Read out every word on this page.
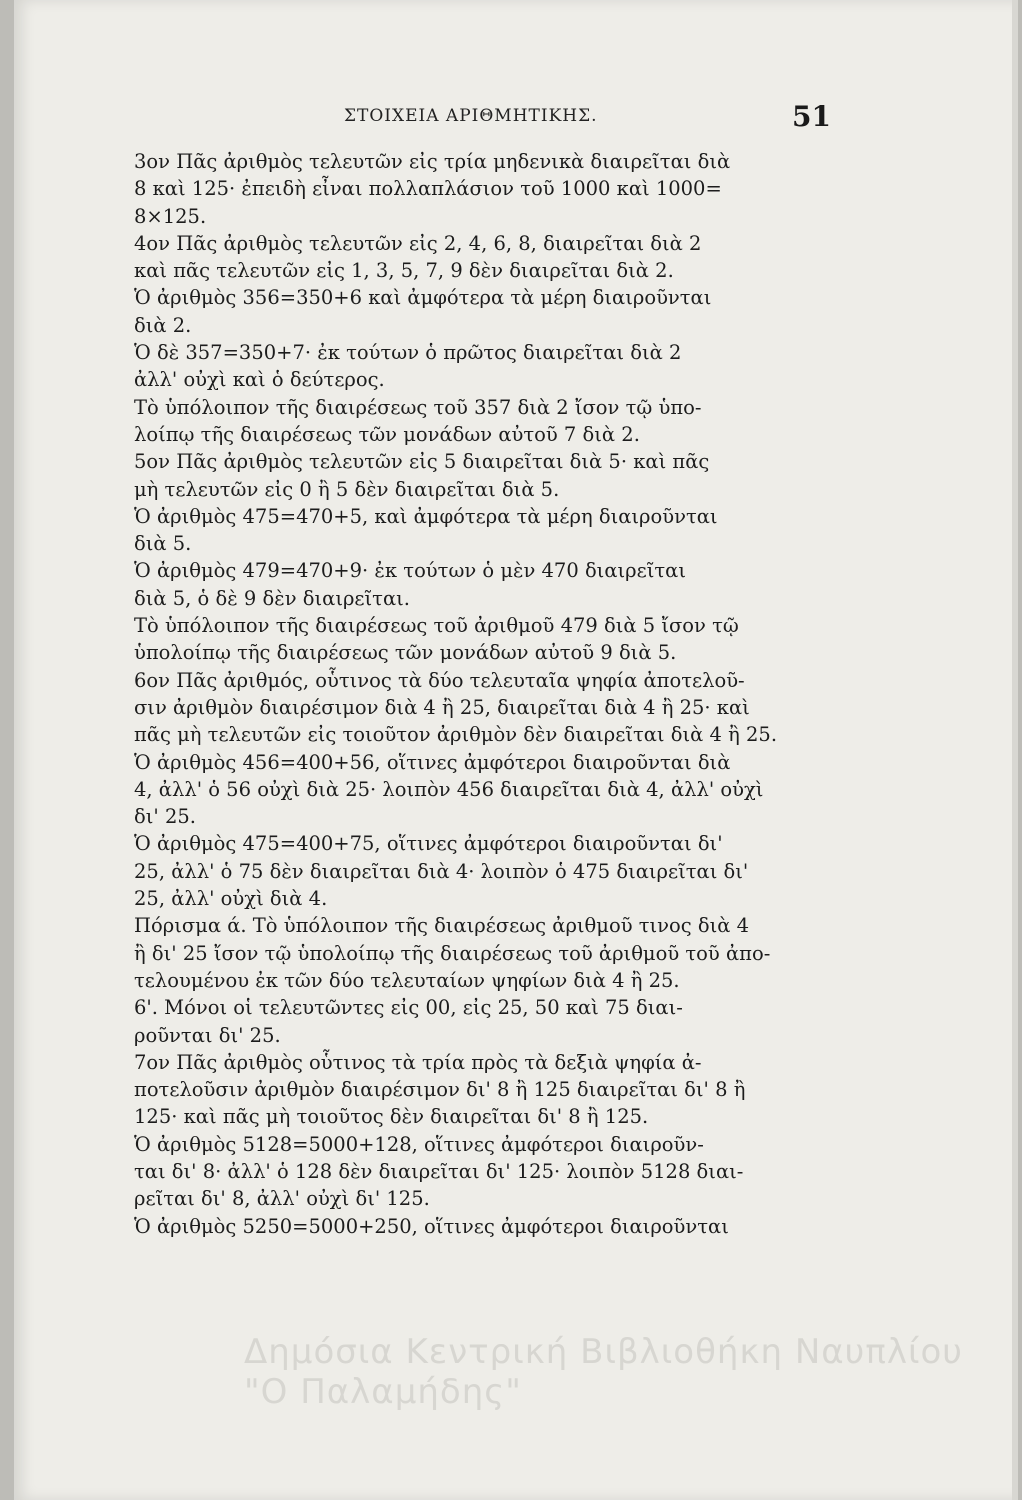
ΣΤΟΙΧΕΙΑ ΑΡΙΘΜΗΤΙΚΗΣ.	51
3ον Πᾶς ἀριθμὸς τελευτῶν εἰς τρία μηδενικὰ διαιρεῖται διὰ
8 καὶ 125· ἐπειδὴ εἶναι πολλαπλάσιον τοῦ 1000 καὶ 1000=
8×125.
4ον Πᾶς ἀριθμὸς τελευτῶν εἰς 2, 4, 6, 8, διαιρεῖται διὰ 2
καὶ πᾶς τελευτῶν εἰς 1, 3, 5, 7, 9 δὲν διαιρεῖται διὰ 2.
Ὁ ἀριθμὸς 356=350+6 καὶ ἀμφότερα τὰ μέρη διαιροῦνται
διὰ 2.
Ὁ δὲ 357=350+7· ἐκ τούτων ὁ πρῶτος διαιρεῖται διὰ 2
ἀλλ' οὐχὶ καὶ ὁ δεύτερος.
Τὸ ὑπόλοιπον τῆς διαιρέσεως τοῦ 357 διὰ 2 ἴσον τῷ ὑπο-
λοίπῳ τῆς διαιρέσεως τῶν μονάδων αὐτοῦ 7 διὰ 2.
5ον Πᾶς ἀριθμὸς τελευτῶν εἰς 5 διαιρεῖται διὰ 5· καὶ πᾶς
μὴ τελευτῶν εἰς 0 ἢ 5 δὲν διαιρεῖται διὰ 5.
Ὁ ἀριθμὸς 475=470+5, καὶ ἀμφότερα τὰ μέρη διαιροῦνται
διὰ 5.
Ὁ ἀριθμὸς 479=470+9· ἐκ τούτων ὁ μὲν 470 διαιρεῖται
διὰ 5, ὁ δὲ 9 δὲν διαιρεῖται.
Τὸ ὑπόλοιπον τῆς διαιρέσεως τοῦ ἀριθμοῦ 479 διὰ 5 ἴσον τῷ
ὑπολοίπῳ τῆς διαιρέσεως τῶν μονάδων αὐτοῦ 9 διὰ 5.
6ον Πᾶς ἀριθμός, οὗτινος τὰ δύο τελευταῖα ψηφία ἀποτελοῦ-
σιν ἀριθμὸν διαιρέσιμον διὰ 4 ἢ 25, διαιρεῖται διὰ 4 ἢ 25· καὶ
πᾶς μὴ τελευτῶν εἰς τοιοῦτον ἀριθμὸν δὲν διαιρεῖται διὰ 4 ἢ 25.
Ὁ ἀριθμὸς 456=400+56, οἵτινες ἀμφότεροι διαιροῦνται διὰ
4, ἀλλ' ὁ 56 οὐχὶ διὰ 25· λοιπὸν 456 διαιρεῖται διὰ 4, ἀλλ' οὐχὶ
δι' 25.
Ὁ ἀριθμὸς 475=400+75, οἵτινες ἀμφότεροι διαιροῦνται δι'
25, ἀλλ' ὁ 75 δὲν διαιρεῖται διὰ 4· λοιπὸν ὁ 475 διαιρεῖται δι'
25, ἀλλ' οὐχὶ διὰ 4.
Πόρισμα ά. Τὸ ὑπόλοιπον τῆς διαιρέσεως ἀριθμοῦ τινος διὰ 4
ἢ δι' 25 ἴσον τῷ ὑπολοίπῳ τῆς διαιρέσεως τοῦ ἀριθμοῦ τοῦ ἀπο-
τελουμένου ἐκ τῶν δύο τελευταίων ψηφίων διὰ 4 ἢ 25.
6'. Μόνοι οἱ τελευτῶντες εἰς 00, εἰς 25, 50 καὶ 75 διαι-
ροῦνται δι' 25.
7ον Πᾶς ἀριθμὸς οὗτινος τὰ τρία πρὸς τὰ δεξιὰ ψηφία ἀ-
ποτελοῦσιν ἀριθμὸν διαιρέσιμον δι' 8 ἢ 125 διαιρεῖται δι' 8 ἢ
125· καὶ πᾶς μὴ τοιοῦτος δὲν διαιρεῖται δι' 8 ἢ 125.
Ὁ ἀριθμὸς 5128=5000+128, οἵτινες ἀμφότεροι διαιροῦν-
ται δι' 8· ἀλλ' ὁ 128 δὲν διαιρεῖται δι' 125· λοιπὸν 5128 διαι-
ρεῖται δι' 8, ἀλλ' οὐχὶ δι' 125.
Ὁ ἀριθμὸς 5250=5000+250, οἵτινες ἀμφότεροι διαιροῦνται
Δημόσια Κεντρική Βιβλιοθήκη Ναυπλίου
"Ο Παλαμήδης"
